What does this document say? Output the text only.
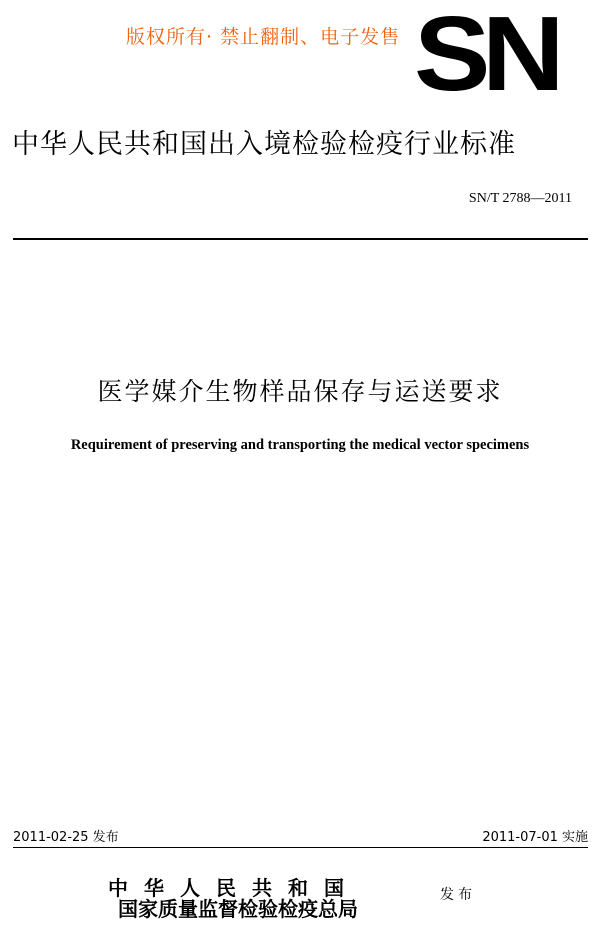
版权所有· 禁止翻制、电子发售 SN
中华人民共和国出入境检验检疫行业标准
SN/T 2788—2011
医学媒介生物样品保存与运送要求
Requirement of preserving and transporting the medical vector specimens
2011-02-25 发布	2011-07-01 实施
中华人民共和国
国家质量监督检验检疫总局
发布
